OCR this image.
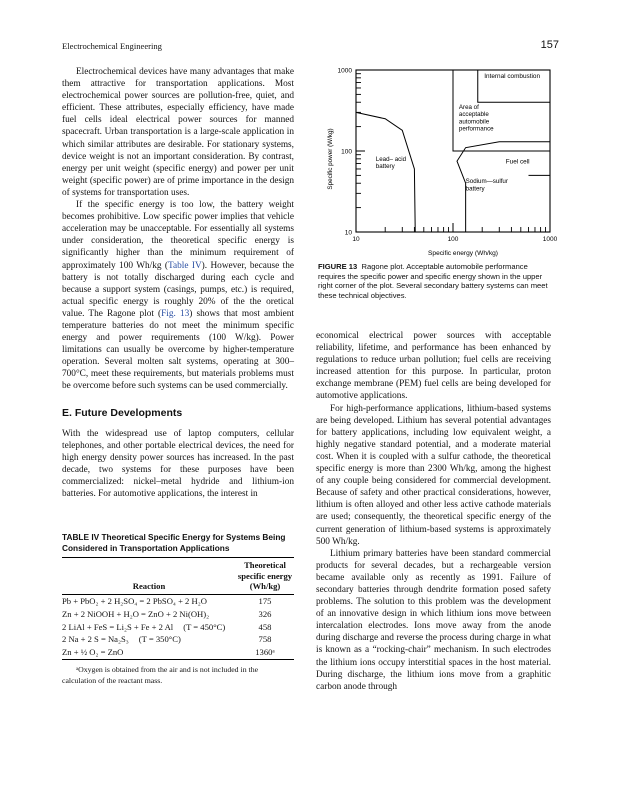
Electrochemical Engineering	157
10	100	1000
1000
100
10
Specific energy (Wh/kg)
Specific power (W/kg)
Internal combustion
Area of acceptable automobile performance
Lead– acid battery
Fuel cell
Sodium—sulfur battery
FIGURE 13 Ragone plot. Acceptable automobile performance requires the specific power and specific energy shown in the upper right corner of the plot. Several secondary battery systems can meet these technical objectives.

Electrochemical devices have many advantages that make them attractive for transportation applications. Most electrochemical power sources are pollution-free, quiet, and efficient. These attributes, especially efficiency, have made fuel cells ideal electrical power sources for manned spacecraft. Urban transportation is a large-scale application in which similar attributes are desirable. For stationary systems, device weight is not an important consideration. By contrast, energy per unit weight (specific energy) and power per unit weight (specific power) are of prime importance in the design of systems for transportation uses.

If the specific energy is too low, the battery weight becomes prohibitive. Low specific power implies that vehicle acceleration may be unacceptable. For essentially all systems under consideration, the theoretical specific energy is significantly higher than the minimum requirement of approximately 100 Wh/kg (Table IV). However, because the battery is not totally discharged during each cycle and because a support system (casings, pumps, etc.) is required, actual specific energy is roughly 20% of the the oretical value. The Ragone plot (Fig. 13) shows that most ambient temperature batteries do not meet the minimum specific energy and power requirements (100 W/kg). Power limitations can usually be overcome by higher-temperature operation. Several molten salt systems, operating at 300–700°C, meet these requirements, but materials problems must be overcome before such systems can be used commercially.

E. Future Developments

With the widespread use of laptop computers, cellular telephones, and other portable electrical devices, the need for high energy density power sources has increased. In the past decade, two systems for these purposes have been commercialized: nickel–metal hydride and lithium-ion batteries. For automotive applications, the interest in

TABLE IV Theoretical Specific Energy for Systems Being Considered in Transportation Applications
Reaction	Theoretical specific energy (Wh/kg)
Pb + PbO₂ + 2 H₂SO₄ = 2 PbSO₄ + 2 H₂O	175
Zn + 2 NiOOH + H₂O = ZnO + 2 Ni(OH)₂	326
2 LiAl + FeS = Li₂S + Fe + 2 Al (T = 450°C)	458
2 Na + 2 S = Na₂S₃ (T = 350°C)	758
Zn + ½ O₂ = ZnO	1360ᵃ
ᵃOxygen is obtained from the air and is not included in the calculation of the reactant mass.

economical electrical power sources with acceptable reliability, lifetime, and performance has been enhanced by regulations to reduce urban pollution; fuel cells are receiving increased attention for this purpose. In particular, proton exchange membrane (PEM) fuel cells are being developed for automotive applications.

For high-performance applications, lithium-based systems are being developed. Lithium has several potential advantages for battery applications, including low equivalent weight, a highly negative standard potential, and a moderate material cost. When it is coupled with a sulfur cathode, the theoretical specific energy is more than 2300 Wh/kg, among the highest of any couple being considered for commercial development. Because of safety and other practical considerations, however, lithium is often alloyed and other less active cathode materials are used; consequently, the theoretical specific energy of the current generation of lithium-based systems is approximately 500 Wh/kg.

Lithium primary batteries have been standard commercial products for several decades, but a rechargeable version became available only as recently as 1991. Failure of secondary batteries through dendrite formation posed safety problems. The solution to this problem was the development of an innovative design in which lithium ions move between intercalation electrodes. Ions move away from the anode during discharge and reverse the process during charge in what is known as a “rocking-chair” mechanism. In such electrodes the lithium ions occupy interstitial spaces in the host material. During discharge, the lithium ions move from a graphitic carbon anode through
